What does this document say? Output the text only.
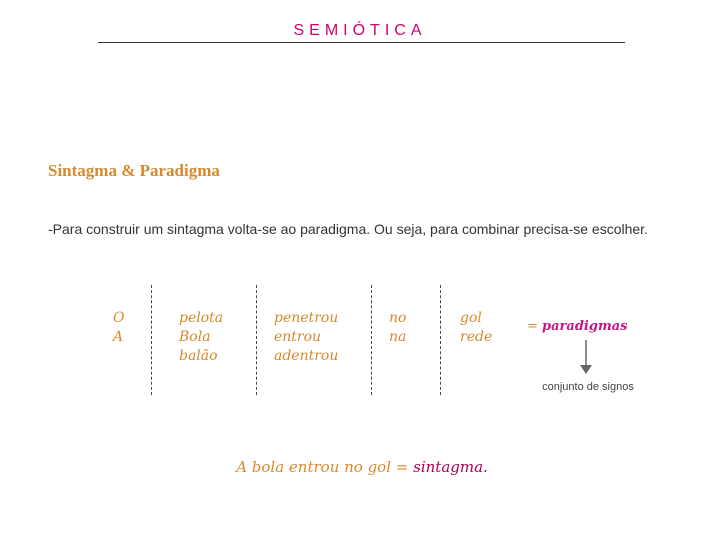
SEMIÓTICA
Sintagma & Paradigma
-Para construir um sintagma volta-se ao paradigma. Ou seja, para combinar precisa-se escolher.
O
A
pelota
Bola
balão
penetrou
entrou
adentrou
no
na
gol
rede
= paradigmas
conjunto de signos
A bola entrou no gol = sintagma.
